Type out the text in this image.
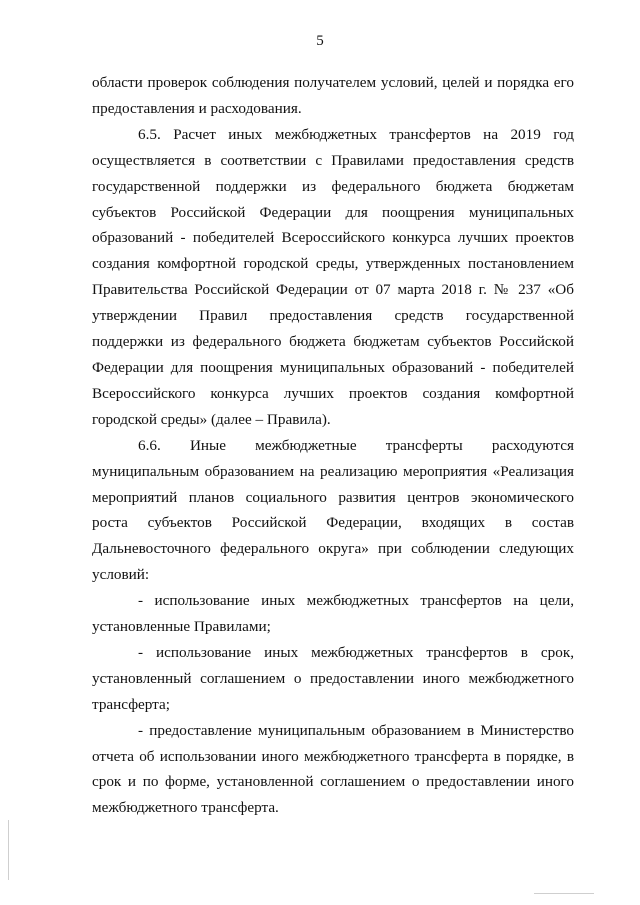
5

области проверок соблюдения получателем условий, целей и порядка его предоставления и расходования.

6.5. Расчет иных межбюджетных трансфертов на 2019 год осуществляется в соответствии с Правилами предоставления средств государственной поддержки из федерального бюджета бюджетам субъектов Российской Федерации для поощрения муниципальных образований - победителей Всероссийского конкурса лучших проектов создания комфортной городской среды, утвержденных постановлением Правительства Российской Федерации от 07 марта 2018 г. № 237 «Об утверждении Правил предоставления средств государственной поддержки из федерального бюджета бюджетам субъектов Российской Федерации для поощрения муниципальных образований - победителей Всероссийского конкурса лучших проектов создания комфортной городской среды» (далее – Правила).

6.6. Иные межбюджетные трансферты расходуются муниципальным образованием на реализацию мероприятия «Реализация мероприятий планов социального развития центров экономического роста субъектов Российской Федерации, входящих в состав Дальневосточного федерального округа» при соблюдении следующих условий:

- использование иных межбюджетных трансфертов на цели, установленные Правилами;

- использование иных межбюджетных трансфертов в срок, установленный соглашением о предоставлении иного межбюджетного трансферта;

- предоставление муниципальным образованием в Министерство отчета об использовании иного межбюджетного трансферта в порядке, в срок и по форме, установленной соглашением о предоставлении иного межбюджетного трансферта.
